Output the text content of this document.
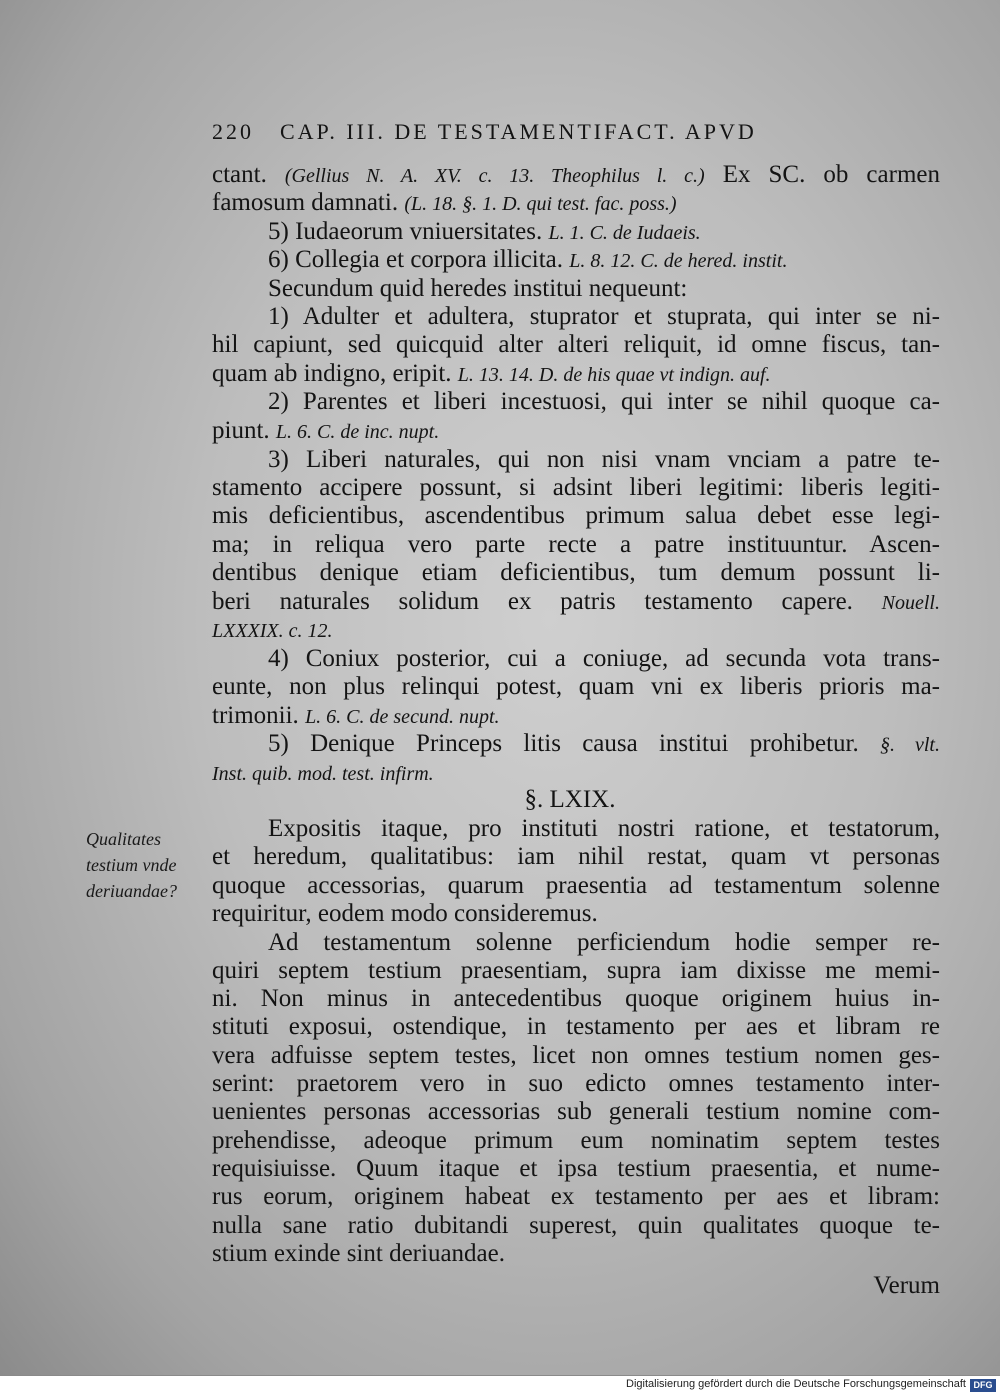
220 CAP. III. DE TESTAMENTIFACT. APVD
ctant. (Gellius N. A. XV. c. 13. Theophilus l. c.) Ex SC. ob carmen
famosum damnati. (L. 18. §. 1. D. qui test. fac. poss.)
5) Iudaeorum vniuersitates. L. 1. C. de Iudaeis.
6) Collegia et corpora illicita. L. 8. 12. C. de hered. instit.
Secundum quid heredes institui nequeunt:
1) Adulter et adultera, stuprator et stuprata, qui inter se ni-
hil capiunt, sed quicquid alter alteri reliquit, id omne fiscus, tan-
quam ab indigno, eripit. L. 13. 14. D. de his quae vt indign. auf.
2) Parentes et liberi incestuosi, qui inter se nihil quoque ca-
piunt. L. 6. C. de inc. nupt.
3) Liberi naturales, qui non nisi vnam vnciam a patre te-
stamento accipere possunt, si adsint liberi legitimi: liberis legiti-
mis deficientibus, ascendentibus primum salua debet esse legi-
ma; in reliqua vero parte recte a patre instituuntur. Ascen-
dentibus denique etiam deficientibus, tum demum possunt li-
beri naturales solidum ex patris testamento capere. Nouell.
LXXXIX. c. 12.
4) Coniux posterior, cui a coniuge, ad secunda vota trans-
euntе, non plus relinqui potest, quam vni ex liberis prioris ma-
trimonii. L. 6. C. de secund. nupt.
5) Denique Princeps litis causa institui prohibetur. §. vlt.
Inst. quib. mod. test. infirm.
§. LXIX.
Expositis itaque, pro instituti nostri ratione, et testatorum,
et heredum, qualitatibus: iam nihil restat, quam vt personas
quoque accessorias, quarum praesentia ad testamentum solenne
requiritur, eodem modo consideremus.
Ad testamentum solenne perficiendum hodie semper re-
quiri septem testium praesentiam, supra iam dixisse me memi-
ni. Non minus in antecedentibus quoque originem huius in-
stituti exposui, ostendique, in testamento per aes et libram re
vera adfuisse septem testes, licet non omnes testium nomen ges-
serint: praetorem vero in suo edicto omnes testamento inter-
uenientes personas accessorias sub generali testium nomine com-
prehendisse, adeoque primum eum nominatim septem testes
requisiuisse. Quum itaque et ipsa testium praesentia, et nume-
rus eorum, originem habeat ex testamento per aes et libram:
nulla sane ratio dubitandi superest, quin qualitates quoque te-
stium exinde sint deriuandae.
Qualitates
testium vnde
deriuandae?
Verum
Digitalisierung gefördert durch die Deutsche Forschungsgemeinschaft DFG
